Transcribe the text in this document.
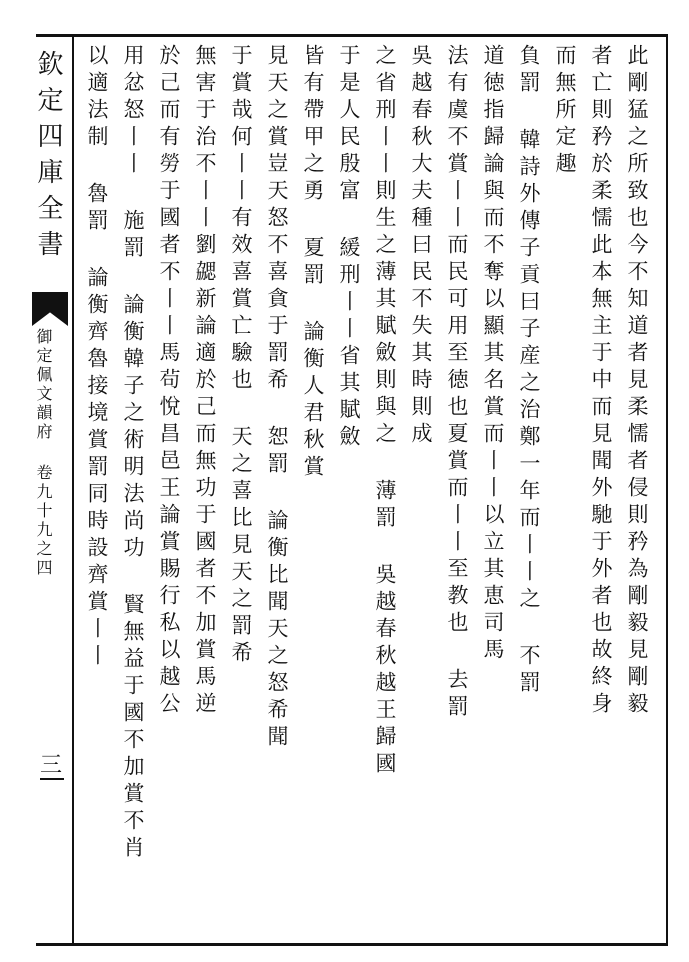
欽定四庫全書
御定佩文韻府 卷九十九之四
三
此剛猛之所致也今不知道者見柔懦者侵則矜為剛毅見剛毅
者亡則矜於柔懦此本無主于中而見聞外馳于外者也故終身
而無所定趣
負罰 韓詩外傳子貢曰子産之治鄭一年而丨丨之 不罰
道徳指歸論與而不奪以顯其名賞而丨丨以立其恵司馬
法有虞不賞丨丨而民可用至徳也夏賞而丨丨至教也 去罰
吳越春秋大夫種曰民不失其時則成
之省刑丨丨則生之薄其賦斂則與之 薄罰 吳越春秋越王歸國
于是人民殷富 緩刑丨丨省其賦斂
皆有帶甲之勇 夏罰 論衡人君秋賞
見天之賞豈天怒不喜貪于罰希 恕罰 論衡比聞天之怒希聞
于賞哉何丨丨有效喜賞亡驗也 天之喜比見天之罰希
無害于治不丨丨劉勰新論適於己而無功于國者不加賞馬逆
於己而有勞于國者不丨丨馬茍悅昌邑王論賞賜行私以越公
用忿怒丨丨 施罰 論衡韓子之術明法尚功 賢無益于國不加賞不肖
以適法制 魯罰 論衡齊魯接境賞罰同時設齊賞丨丨
